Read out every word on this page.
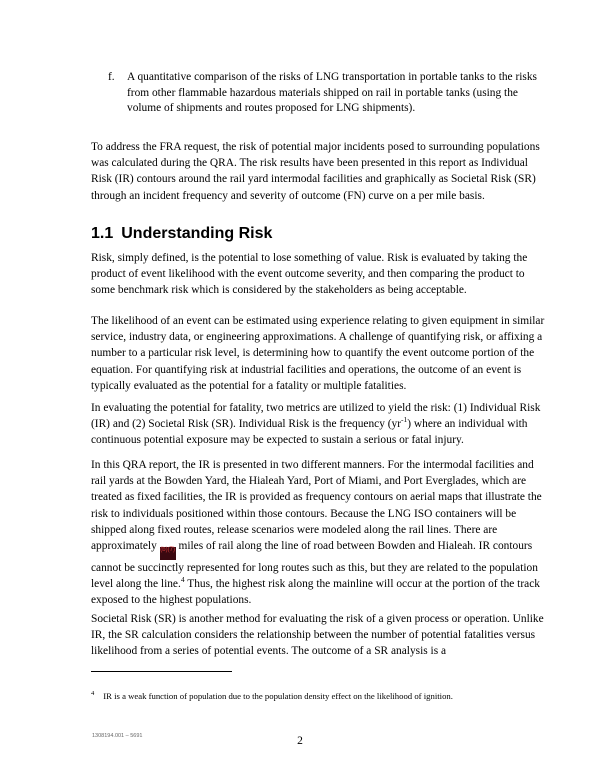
f.	A quantitative comparison of the risks of LNG transportation in portable tanks to the risks from other flammable hazardous materials shipped on rail in portable tanks (using the volume of shipments and routes proposed for LNG shipments).

To address the FRA request, the risk of potential major incidents posed to surrounding populations was calculated during the QRA. The risk results have been presented in this report as Individual Risk (IR) contours around the rail yard intermodal facilities and graphically as Societal Risk (SR) through an incident frequency and severity of outcome (FN) curve on a per mile basis.

1.1 Understanding Risk

Risk, simply defined, is the potential to lose something of value. Risk is evaluated by taking the product of event likelihood with the event outcome severity, and then comparing the product to some benchmark risk which is considered by the stakeholders as being acceptable.

The likelihood of an event can be estimated using experience relating to given equipment in similar service, industry data, or engineering approximations. A challenge of quantifying risk, or affixing a number to a particular risk level, is determining how to quantify the event outcome portion of the equation. For quantifying risk at industrial facilities and operations, the outcome of an event is typically evaluated as the potential for a fatality or multiple fatalities.

In evaluating the potential for fatality, two metrics are utilized to yield the risk: (1) Individual Risk (IR) and (2) Societal Risk (SR). Individual Risk is the frequency $(yr^{-1})$ where an individual with continuous potential exposure may be expected to sustain a serious or fatal injury.

In this QRA report, the IR is presented in two different manners. For the intermodal facilities and rail yards at the Bowden Yard, the Hialeah Yard, Port of Miami, and Port Everglades, which are treated as fixed facilities, the IR is provided as frequency contours on aerial maps that illustrate the risk to individuals positioned within those contours. Because the LNG ISO containers will be shipped along fixed routes, release scenarios were modeled along the rail lines. There are approximately (b)(7) miles of rail along the line of road between Bowden and Hialeah. IR contours cannot be succinctly represented for long routes such as this, but they are related to the population level along the line.$^4$ Thus, the highest risk along the mainline will occur at the portion of the track exposed to the highest populations.

Societal Risk (SR) is another method for evaluating the risk of a given process or operation. Unlike IR, the SR calculation considers the relationship between the number of potential fatalities versus likelihood from a series of potential events. The outcome of a SR analysis is a

$^4$ IR is a weak function of population due to the population density effect on the likelihood of ignition.

1308194.001 – 5691	2
